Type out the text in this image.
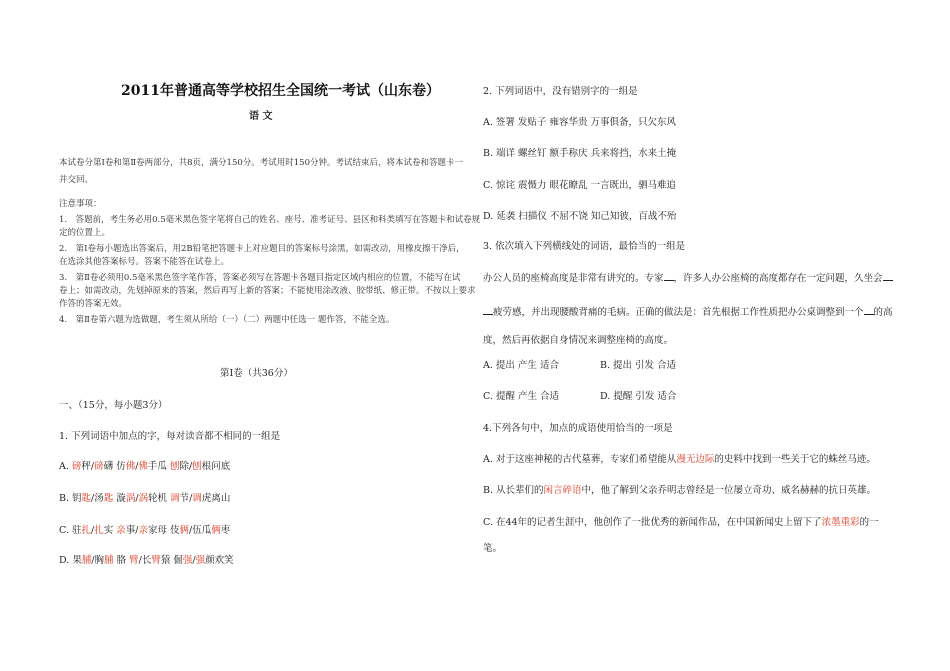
2011年普通高等学校招生全国统一考试（山东卷）
语 文
本试卷分第Ⅰ卷和第Ⅱ卷两部分，共8页，满分150分。考试用时150分钟。考试结束后，将本试卷和答题卡一
并交回。
注意事项：
1.　答题前，考生务必用0.5毫米黑色签字笔将自己的姓名、座号、准考证号、县区和科类填写在答题卡和试卷规
定的位置上。
2.　第Ⅰ卷每小题选出答案后，用2B铅笔把答题卡上对应题目的答案标号涂黑，如需改动，用橡皮擦干净后，
在选涂其他答案标号。答案不能答在试卷上。
3.　第Ⅱ卷必须用0.5毫米黑色签字笔作答，答案必须写在答题卡各题目指定区域内相应的位置，不能写在试
卷上；如需改动，先划掉原来的答案，然后再写上新的答案；不能使用涂改液、胶带纸、修正带。不按以上要求
作答的答案无效。
4.　第Ⅱ卷第六题为选做题，考生须从所给（一）（二）两题中任选一 题作答，不能全选。
第Ⅰ卷（共36分）
一、（15分，每小题3分）
1. 下列词语中加点的字，每对读音都不相同的一组是
A. 磅秤/磅礴 仿佛/佛手瓜 刨除/刨根问底
B. 钥匙/汤匙 漩涡/涡轮机 调节/调虎离山
C. 驻扎/扎实 亲事/亲家母 伎俩/伍瓜俩枣
D. 果脯/胸脯 胳 臂/长臂猿 倔强/强颜欢笑
2. 下列词语中，没有错别字的一组是
A. 签署 发贴子 雍容华贵 万事俱备，只欠东风
B. 端详 螺丝钉 额手称庆 兵来将挡，水来土掩
C. 惊诧 震慑力 眼花瞭乱 一言既出，驷马难追
D. 延袭 扫描仪 不屈不饶 知己知彼，百战不殆
3. 依次填入下列横线处的词语，最恰当的一组是
办公人员的座椅高度是非常有讲究的。专家 ，许多人办公座椅的高度都存在一定问题，久坐会
疲劳感，并出现腰酸背痛的毛病。正确的做法是：首先根据工作性质把办公桌调整到一个 的高
度，然后再依据自身情况来调整座椅的高度。
A. 提出 产生 适合	B. 提出 引发 合适
C. 提醒 产生 合适	D. 提醒 引发 适合
4.下列各句中，加点的成语使用恰当的一项是
A. 对于这座神秘的古代墓葬，专家们希望能从漫无边际的史料中找到一些关于它的蛛丝马迹。
B. 从长辈们的闲言碎语中，他了解到父亲乔明志曾经是一位屡立奇功、威名赫赫的抗日英雄。
C. 在44年的记者生涯中，他创作了一批优秀的新闻作品，在中国新闻史上留下了浓墨重彩的一
笔。
